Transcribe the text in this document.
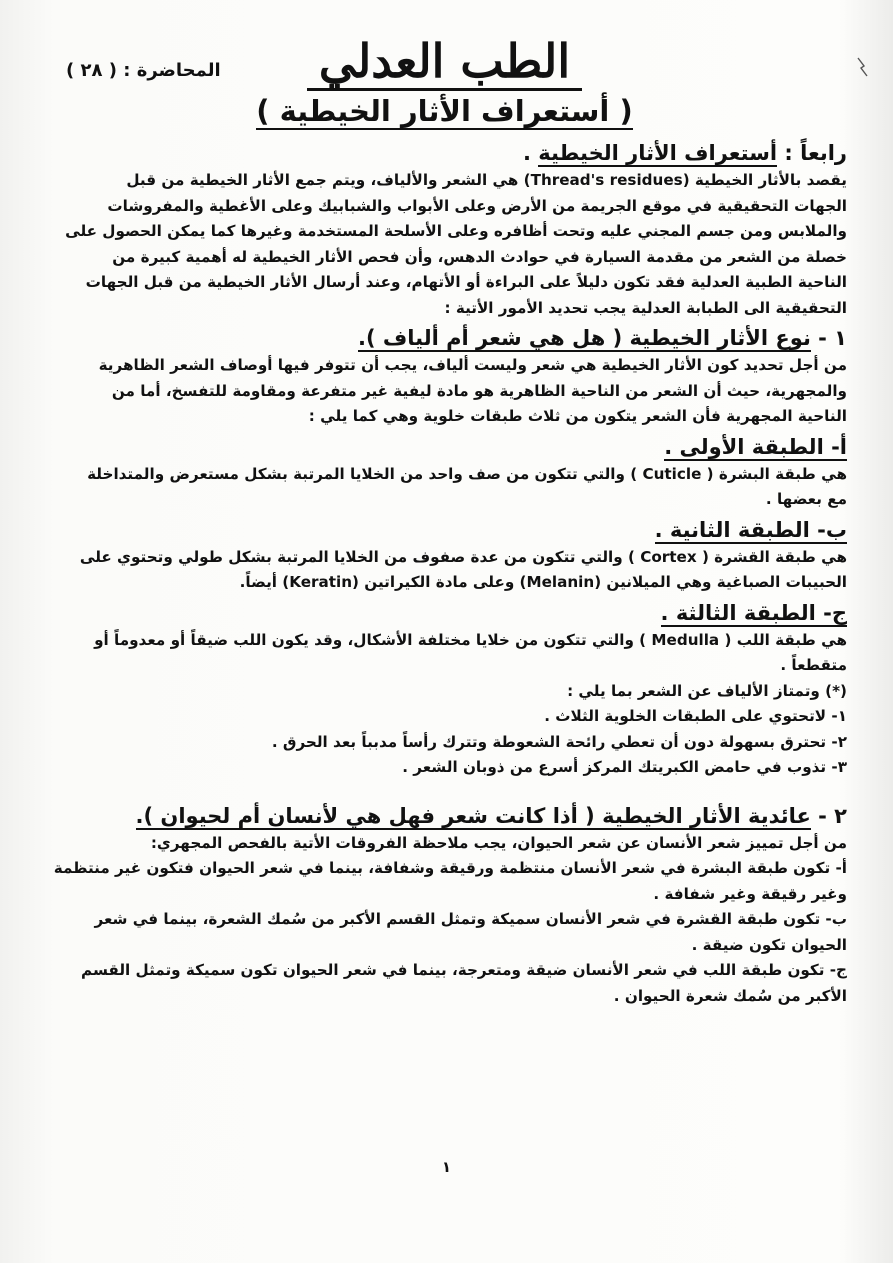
المحاضرة : ( ٢٨ )	الطب العدلي
( أستعراف الأثار الخيطية )
رابعاً : أستعراف الأثار الخيطية .

يقصد بالأثار الخيطية (Thread's residues) هي الشعر والألياف، ويتم جمع الأثار الخيطية من قبل

الجهات التحقيقية في موقع الجريمة من الأرض وعلى الأبواب والشبابيك وعلى الأغطية والمفروشات

والملابس ومن جسم المجني عليه وتحت أظافره وعلى الأسلحة المستخدمة وغيرها كما يمكن الحصول على

خصلة من الشعر من مقدمة السيارة في حوادث الدهس، وأن فحص الأثار الخيطية له أهمية كبيرة من

الناحية الطبية العدلية فقد تكون دليلاً على البراءة أو الأتهام، وعند أرسال الأثار الخيطية من قبل الجهات

التحقيقية الى الطبابة العدلية يجب تحديد الأمور الأتية :

١ - نوع الأثار الخيطية ( هل هي شعر أم ألياف ).

من أجل تحديد كون الأثار الخيطية هي شعر وليست ألياف، يجب أن تتوفر فيها أوصاف الشعر الظاهرية

والمجهرية، حيث أن الشعر من الناحية الظاهرية هو مادة ليفية غير متفرعة ومقاومة للتفسخ، أما من

الناحية المجهرية فأن الشعر يتكون من ثلاث طبقات خلوية وهي كما يلي :

أ- الطبقة الأولى .

هي طبقة البشرة ( Cuticle ) والتي تتكون من صف واحد من الخلايا المرتبة بشكل مستعرض والمتداخلة

مع بعضها .

ب- الطبقة الثانية .

هي طبقة القشرة ( Cortex ) والتي تتكون من عدة صفوف من الخلايا المرتبة بشكل طولي وتحتوي على

الحبيبات الصباغية وهي الميلانين (Melanin) وعلى مادة الكيراتين (Keratin) أيضاً.

ج- الطبقة الثالثة .

هي طبقة اللب ( Medulla ) والتي تتكون من خلايا مختلفة الأشكال، وقد يكون اللب ضيقاً أو معدوماً أو

متقطعاً .

(*) وتمتاز الألياف عن الشعر بما يلي :

١- لاتحتوي على الطبقات الخلوية الثلاث .

٢- تحترق بسهولة دون أن تعطي رائحة الشعوطة وتترك رأساً مدبباً بعد الحرق .

٣- تذوب في حامض الكبريتك المركز أسرع من ذوبان الشعر .

٢ - عائدية الأثار الخيطية ( أذا كانت شعر فهل هي لأنسان أم لحيوان ).

من أجل تمييز شعر الأنسان عن شعر الحيوان، يجب ملاحظة الفروقات الأتية بالفحص المجهري:

أ- تكون طبقة البشرة في شعر الأنسان منتظمة ورقيقة وشفافة، بينما في شعر الحيوان فتكون غير منتظمة

وغير رقيقة وغير شفافة .

ب- تكون طبقة القشرة في شعر الأنسان سميكة وتمثل القسم الأكبر من سُمك الشعرة، بينما في شعر

الحيوان تكون ضيقة .

ج- تكون طبقة اللب في شعر الأنسان ضيقة ومتعرجة، بينما في شعر الحيوان تكون سميكة وتمثل القسم

الأكبر من سُمك شعرة الحيوان .

١
